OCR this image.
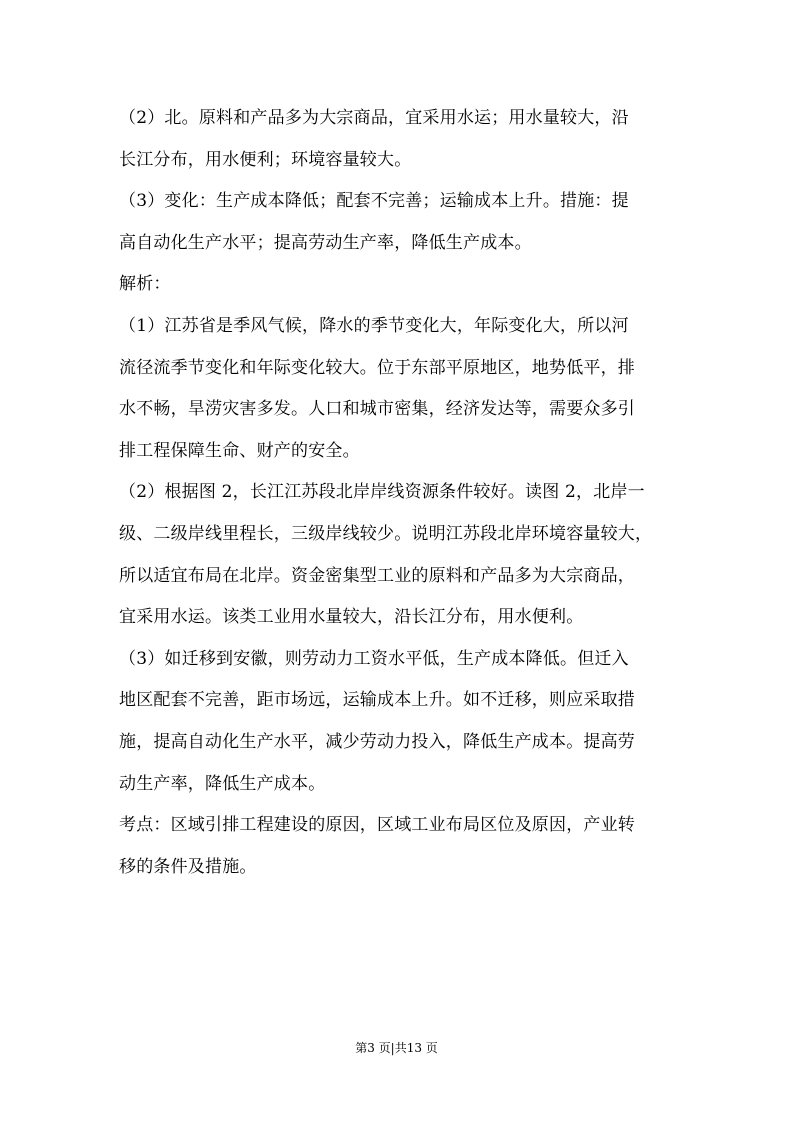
（2）北。原料和产品多为大宗商品，宜采用水运；用水量较大，沿
长江分布，用水便利；环境容量较大。
（3）变化：生产成本降低；配套不完善；运输成本上升。措施：提
高自动化生产水平；提高劳动生产率，降低生产成本。
解析：
（1）江苏省是季风气候，降水的季节变化大，年际变化大，所以河
流径流季节变化和年际变化较大。位于东部平原地区，地势低平，排
水不畅，旱涝灾害多发。人口和城市密集，经济发达等，需要众多引
排工程保障生命、财产的安全。
（2）根据图 2，长江江苏段北岸岸线资源条件较好。读图 2，北岸一
级、二级岸线里程长，三级岸线较少。说明江苏段北岸环境容量较大，
所以适宜布局在北岸。资金密集型工业的原料和产品多为大宗商品，
宜采用水运。该类工业用水量较大，沿长江分布，用水便利。
（3）如迁移到安徽，则劳动力工资水平低，生产成本降低。但迁入
地区配套不完善，距市场远，运输成本上升。如不迁移，则应采取措
施，提高自动化生产水平，减少劳动力投入，降低生产成本。提高劳
动生产率，降低生产成本。
考点：区域引排工程建设的原因，区域工业布局区位及原因，产业转
移的条件及措施。
第3 页|共13 页
